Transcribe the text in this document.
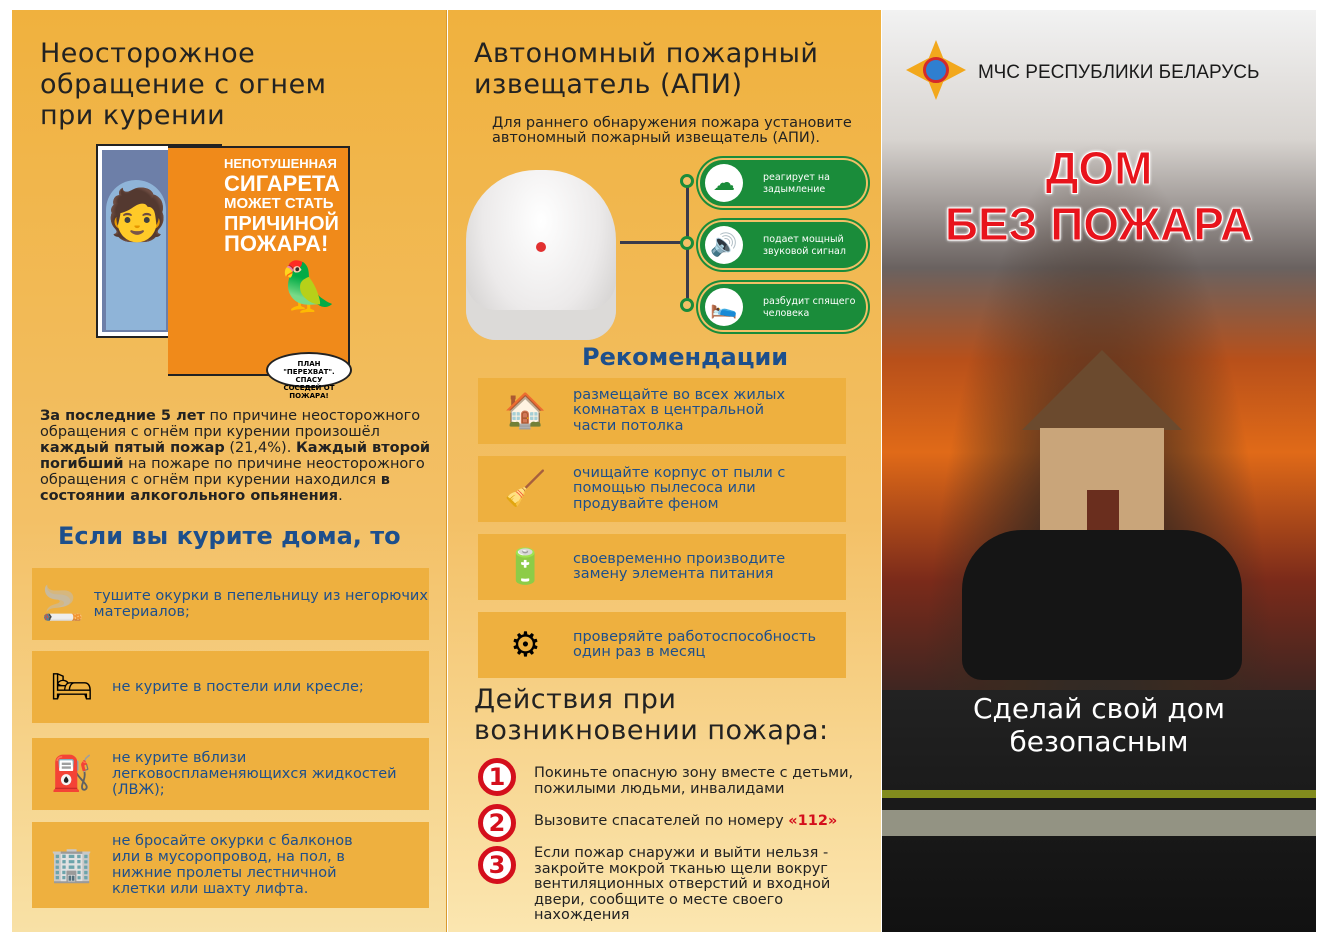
Неосторожное
обращение с огнем
при курении
🧑
НЕПОТУШЕННАЯ
СИГАРЕТА
МОЖЕТ СТАТЬ
ПРИЧИНОЙ
ПОЖАРА!
🦜
ПЛАН "ПЕРЕХВАТ". СПАСУ СОСЕДЕЙ ОТ ПОЖАРА!
За последние 5 лет по причине неосторожного обращения с огнём при курении произошёл каждый пятый пожар (21,4%). Каждый второй погибший на пожаре по причине неосторожного обращения с огнём при курении находился в состоянии алкогольного опьянения.
Если вы курите дома, то
🚬 тушите окурки в пепельницу из негорючих материалов;
🛏	не курите в постели или кресле;
⛽	не курите вблизи легковоспламеняющихся жидкостей (ЛВЖ);
🏢
не бросайте окурки с балконов или в мусоропровод, на пол, в нижние пролеты лестничной клетки или шахту лифта.
Автономный пожарный
извещатель (АПИ)
Для раннего обнаружения пожара установите автономный пожарный извещатель (АПИ).
☁	реагирует на задымление
🔊	подает мощный звуковой сигнал
🛌	разбудит спящего человека
Рекомендации
🏠	размещайте во всех жилых комнатах в центральной части потолка
🧹	очищайте корпус от пыли с помощью пылесоса или продувайте феном
🔋	своевременно производите замену элемента питания
⚙	проверяйте работоспособность один раз в месяц
Действия при
возникновении пожара:
1	Покиньте опасную зону вместе с детьми, пожилыми людьми, инвалидами
2	Вызовите спасателей по номеру «112»
3	Если пожар снаружи и выйти нельзя - закройте мокрой тканью щели вокруг вентиляционных отверстий и входной двери, сообщите о месте своего нахождения
МЧС РЕСПУБЛИКИ БЕЛАРУСЬ
ДОМ
БЕЗ ПОЖАРА
Сделай свой дом
безопасным
